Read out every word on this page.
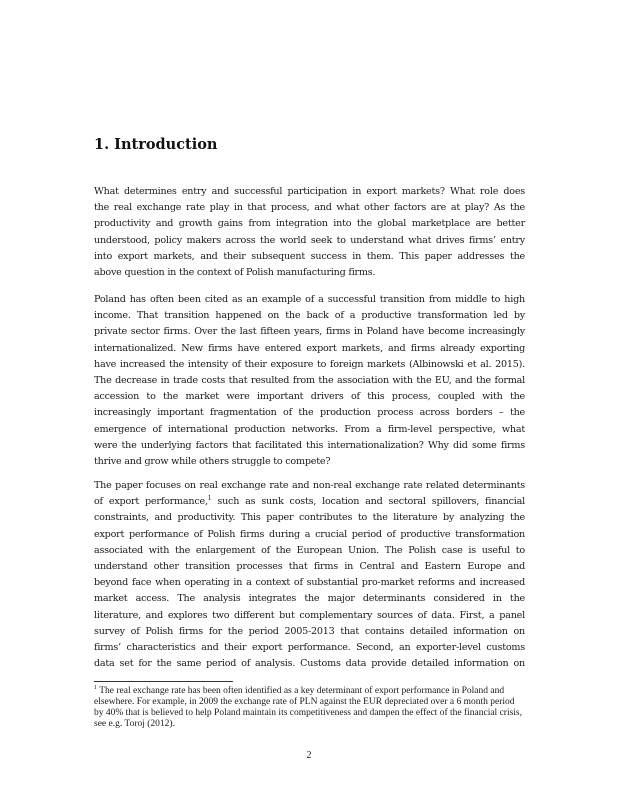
1. Introduction
What determines entry and successful participation in export markets? What role does
the real exchange rate play in that process, and what other factors are at play? As the
productivity and growth gains from integration into the global marketplace are better
understood, policy makers across the world seek to understand what drives firms’ entry
into export markets, and their subsequent success in them. This paper addresses the
above question in the context of Polish manufacturing firms.
Poland has often been cited as an example of a successful transition from middle to high
income. That transition happened on the back of a productive transformation led by
private sector firms. Over the last fifteen years, firms in Poland have become increasingly
internationalized. New firms have entered export markets, and firms already exporting
have increased the intensity of their exposure to foreign markets (Albinowski et al. 2015).
The decrease in trade costs that resulted from the association with the EU, and the formal
accession to the market were important drivers of this process, coupled with the
increasingly important fragmentation of the production process across borders – the
emergence of international production networks. From a firm-level perspective, what
were the underlying factors that facilitated this internationalization? Why did some firms
thrive and grow while others struggle to compete?
The paper focuses on real exchange rate and non-real exchange rate related determinants
of export performance,$^1$ such as sunk costs, location and sectoral spillovers, financial
constraints, and productivity. This paper contributes to the literature by analyzing the
export performance of Polish firms during a crucial period of productive transformation
associated with the enlargement of the European Union. The Polish case is useful to
understand other transition processes that firms in Central and Eastern Europe and
beyond face when operating in a context of substantial pro-market reforms and increased
market access. The analysis integrates the major determinants considered in the
literature, and explores two different but complementary sources of data. First, a panel
survey of Polish firms for the period 2005-2013 that contains detailed information on
firms’ characteristics and their export performance. Second, an exporter-level customs
data set for the same period of analysis. Customs data provide detailed information on
$^1$ The real exchange rate has been often identified as a key determinant of export performance in Poland and
elsewhere. For example, in 2009 the exchange rate of PLN against the EUR depreciated over a 6 month period
by 40% that is believed to help Poland maintain its competitiveness and dampen the effect of the financial crisis,
see e.g. Toroj (2012).
2
